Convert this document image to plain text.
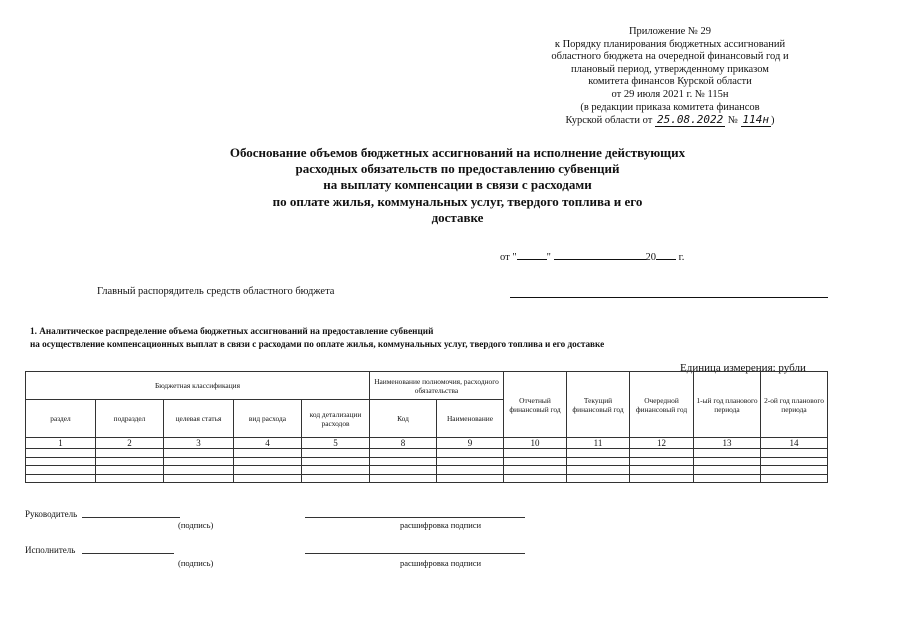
Приложение № 29
к Порядку планирования бюджетных ассигнований
областного бюджета на очередной финансовый год и
плановый период, утвержденному приказом
комитета финансов Курской области
от 29 июля 2021 г. № 115н
(в редакции приказа комитета финансов
Курской области от 25.08.2022 № 114н )
Обоснование объемов бюджетных ассигнований на исполнение действующих
расходных обязательств по предоставлению субвенций
на выплату компенсации в связи с расходами
по оплате жилья, коммунальных услуг, твердого топлива и его
доставке
от "	"	20 г.
Главный распорядитель средств областного бюджета
1. Аналитическое распределение объема бюджетных ассигнований на предоставление субвенций
на осуществление компенсационных выплат в связи с расходами по оплате жилья, коммунальных услуг, твердого топлива и его доставке
Единица измерения: рубли
Бюджетная классификация					Наименование полномочия, расходного обязательства		Отчетный финансовый год	Текущий финансовый год	Очередной финансовый год	1-ый год планового периода	2-ой год планового периода
раздел	подраздел	целевая статья	вид расхода	код детализации расходов	Код	Наименование					
1	2	3	4	5	8	9	10	11	12	13	14

Руководитель
(подпись)	расшифровка подписи
Исполнитель
(подпись)	расшифровка подписи
